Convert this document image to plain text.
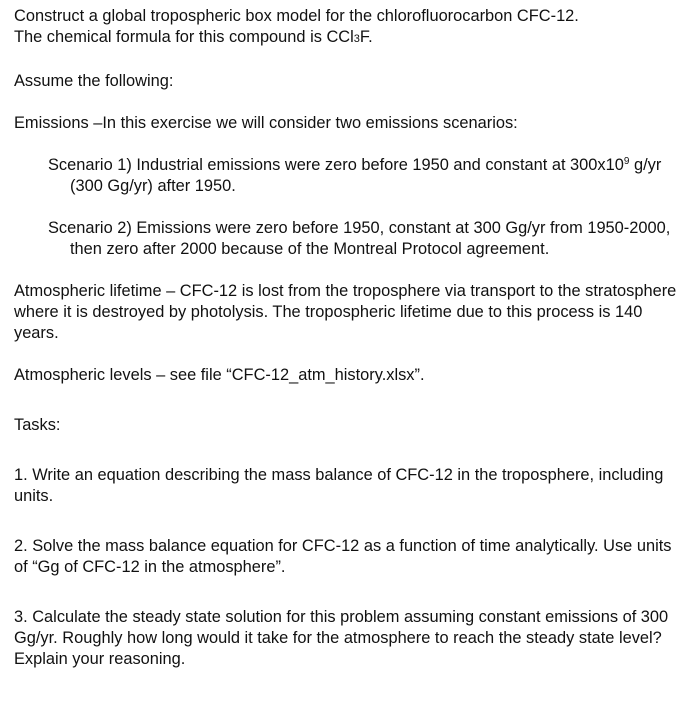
Construct a global tropospheric box model for the chlorofluorocarbon CFC-12.
The chemical formula for this compound is CCl3F.

Assume the following:

Emissions –In this exercise we will consider two emissions scenarios:

Scenario 1) Industrial emissions were zero before 1950 and constant at $300x10^9$ g/yr (300 Gg/yr) after 1950.

Scenario 2) Emissions were zero before 1950, constant at 300 Gg/yr from 1950-2000, then zero after 2000 because of the Montreal Protocol agreement.

Atmospheric lifetime – CFC-12 is lost from the troposphere via transport to the stratosphere where it is destroyed by photolysis. The tropospheric lifetime due to this process is 140 years.

Atmospheric levels – see file “CFC-12_atm_history.xlsx”.

Tasks:

1. Write an equation describing the mass balance of CFC-12 in the troposphere, including units.

2. Solve the mass balance equation for CFC-12 as a function of time analytically. Use units of “Gg of CFC-12 in the atmosphere”.

3. Calculate the steady state solution for this problem assuming constant emissions of 300 Gg/yr. Roughly how long would it take for the atmosphere to reach the steady state level? Explain your reasoning.
